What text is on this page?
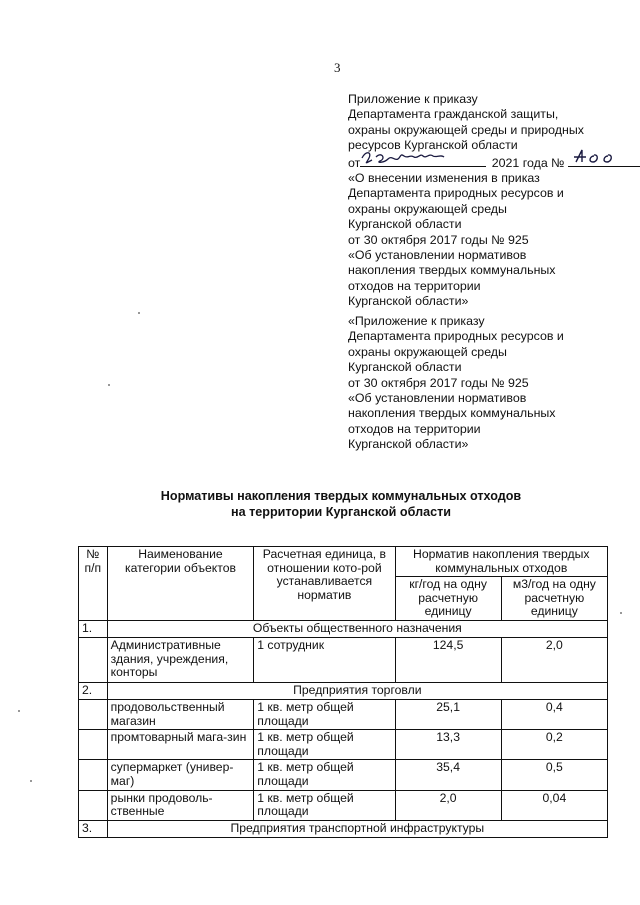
3
Приложение к приказу
Департамента гражданской защиты,
охраны окружающей среды и природных
ресурсов Курганской области
от	2021 года №
«О внесении изменения в приказ
Департамента природных ресурсов и
охраны окружающей среды
Курганской области
от 30 октября 2017 годы № 925
«Об установлении нормативов
накопления твердых коммунальных
отходов на территории
Курганской области»
«Приложение к приказу
Департамента природных ресурсов и
охраны окружающей среды
Курганской области
от 30 октября 2017 годы № 925
«Об установлении нормативов
накопления твердых коммунальных
отходов на территории
Курганской области»
Нормативы накопления твердых коммунальных отходов
на территории Курганской области
№ п/п	Наименование категории объектов	Расчетная единица, в отношении кото-рой устанавливается норматив	Норматив накопления твердых коммунальных отходов	
			кг/год на одну расчетную единицу	м3/год на одну расчетную единицу
1.	Объекты общественного назначения			
	Административные здания, учреждения, конторы	1 сотрудник	124,5	2,0
2.	Предприятия торговли			
	продовольственный магазин	1 кв. метр общей площади	25,1	0,4
	промтоварный мага-зин	1 кв. метр общей площади	13,3	0,2
	супермаркет (универ-маг)	1 кв. метр общей площади	35,4	0,5
	рынки продоволь-ственные	1 кв. метр общей площади	2,0	0,04
3.	Предприятия транспортной инфраструктуры			
